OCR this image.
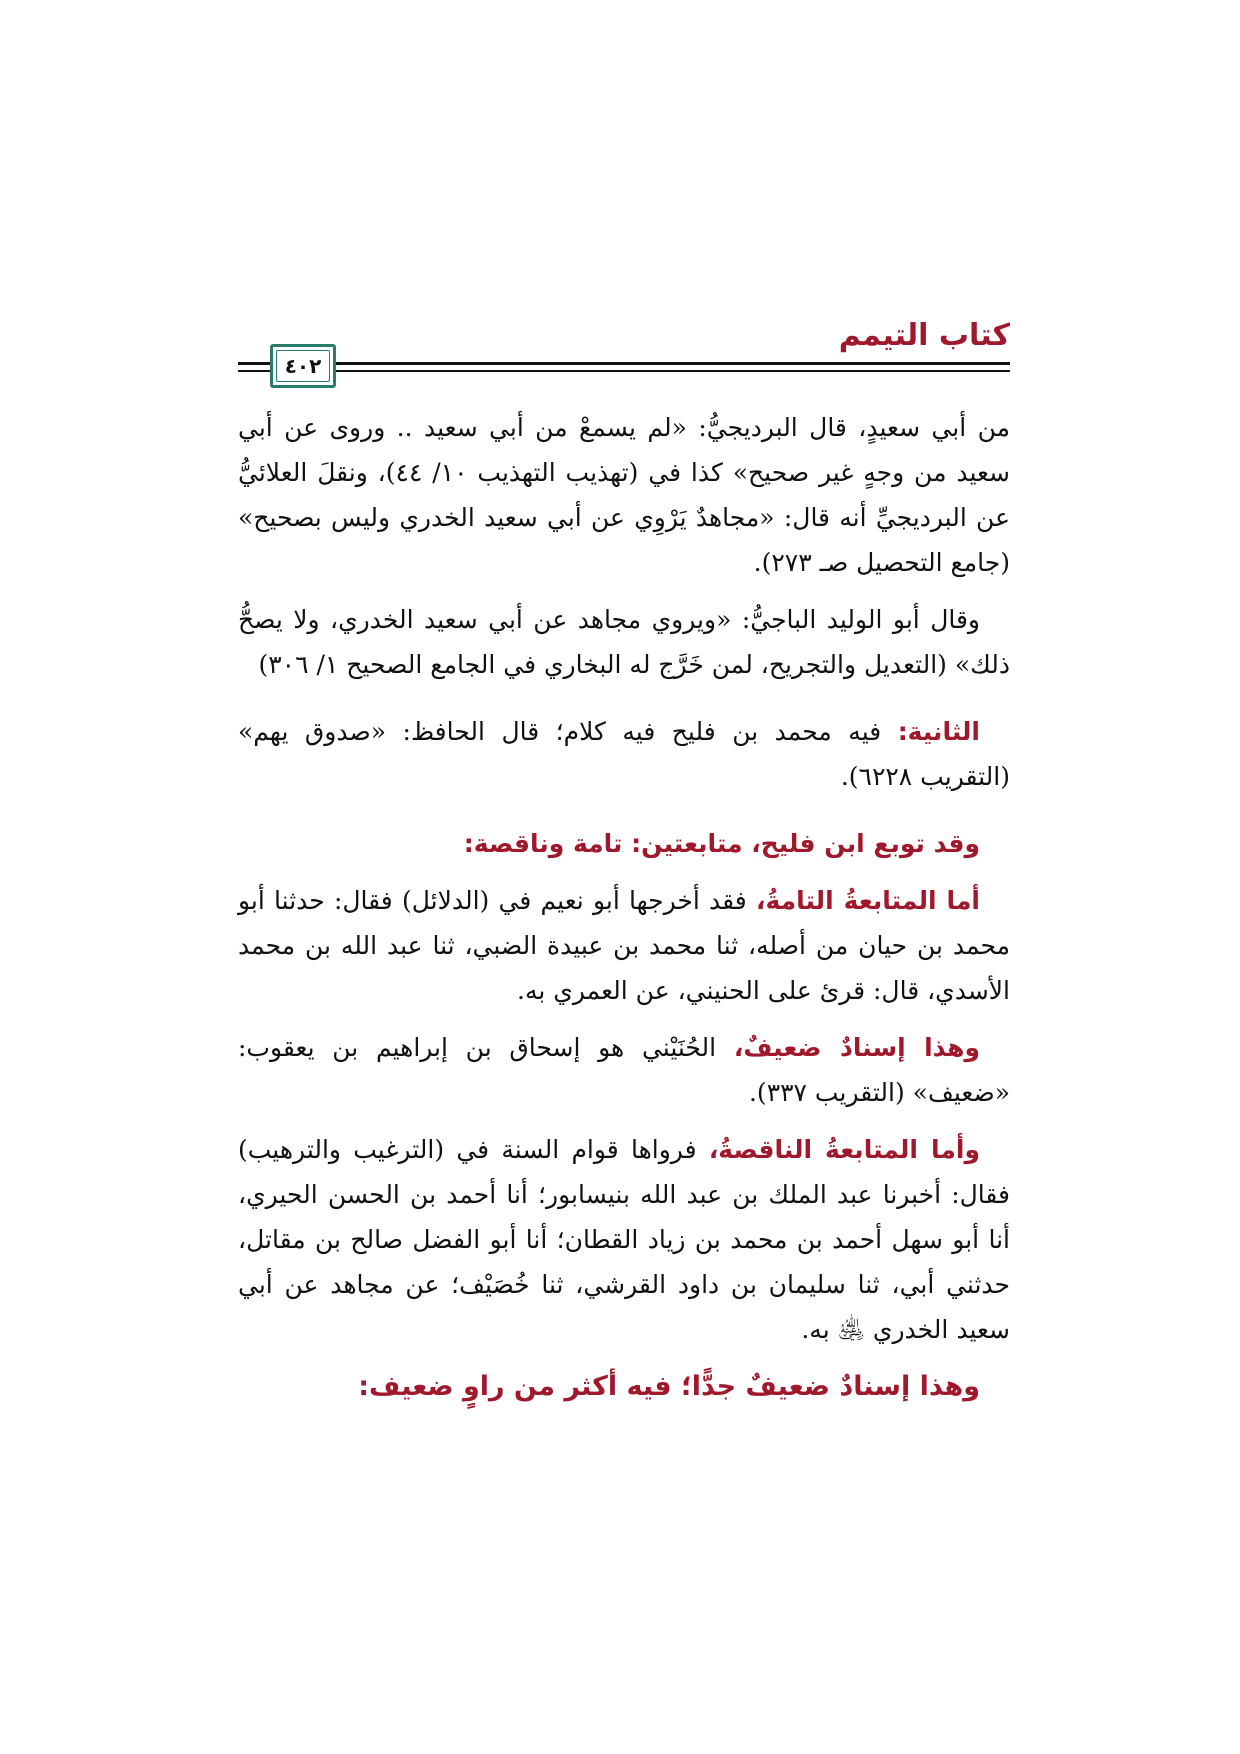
كتاب التيمم
٤٠٢

من أبي سعيدٍ، قال البرديجيُّ: «لم يسمعْ من أبي سعيد .. وروى عن أبي سعيد من وجهٍ غير صحيح» كذا في (تهذيب التهذيب ١٠/ ٤٤)، ونقلَ العلائيُّ عن البرديجيِّ أنه قال: «مجاهدٌ يَرْوِي عن أبي سعيد الخدري وليس بصحيح» (جامع التحصيل صـ ٢٧٣).

وقال أبو الوليد الباجيُّ: «ويروي مجاهد عن أبي سعيد الخدري، ولا يصحُّ ذلك» (التعديل والتجريح، لمن خَرَّج له البخاري في الجامع الصحيح ١/ ٣٠٦)

الثانية: فيه محمد بن فليح فيه كلام؛ قال الحافظ: «صدوق يهم» (التقريب ٦٢٢٨).

وقد توبع ابن فليح، متابعتين: تامة وناقصة:

أما المتابعةُ التامةُ، فقد أخرجها أبو نعيم في (الدلائل) فقال: حدثنا أبو محمد بن حيان من أصله، ثنا محمد بن عبيدة الضبي، ثنا عبد الله بن محمد الأسدي، قال: قرئ على الحنيني، عن العمري به.

وهذا إسنادٌ ضعيفٌ، الحُنَيْني هو إسحاق بن إبراهيم بن يعقوب: «ضعيف» (التقريب ٣٣٧).

وأما المتابعةُ الناقصةُ، فرواها قوام السنة في (الترغيب والترهيب) فقال: أخبرنا عبد الملك بن عبد الله بنيسابور؛ أنا أحمد بن الحسن الحيري، أنا أبو سهل أحمد بن محمد بن زياد القطان؛ أنا أبو الفضل صالح بن مقاتل، حدثني أبي، ثنا سليمان بن داود القرشي، ثنا خُصَيْف؛ عن مجاهد عن أبي سعيد الخدري ﵁ به.

وهذا إسنادٌ ضعيفٌ جدًّا؛ فيه أكثر من راوٍ ضعيف:
